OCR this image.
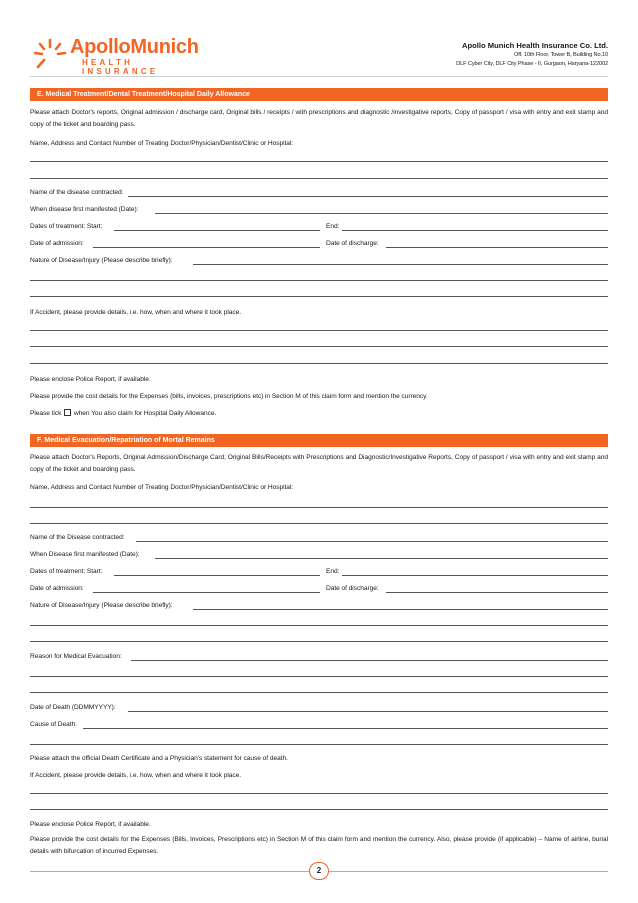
ApolloMunich
HEALTH INSURANCE
Apollo Munich Health Insurance Co. Ltd.
Off. 10th Floor, Tower B, Building No.10
DLF Cyber City, DLF City Phase - II, Gurgaon, Haryana-122002
E. Medical Treatment/Dental Treatment/Hospital Daily Allowance
Please attach Doctor's reports, Original admission / discharge card, Original bills / receipts / with prescriptions and diagnostic /investigative reports, Copy of passport / visa with entry and exit stamp and copy of the ticket and boarding pass.
Name, Address and Contact Number of Treating Doctor/Physician/Dentist/Clinic or Hospital:
Name of the disease contracted:
When disease first manifested (Date):
Dates of treatment: Start:	End:
Date of admission:	Date of discharge:
Nature of Disease/Injury (Please describe briefly):
If Accident, please provide details, i.e. how, when and where it took place.
Please enclose Police Report, if available.
Please provide the cost details for the Expenses (bills, invoices, prescriptions etc) in Section M of this claim form and mention the currency.
Please tick when You also claim for Hospital Daily Allowance.
F. Medical Evacuation/Repatriation of Mortal Remains
Please attach Doctor's Reports, Original Admission/Discharge Card, Original Bills/Receipts with Prescriptions and Diagnostic/Investigative Reports, Copy of passport / visa with entry and exit stamp and copy of the ticket and boarding pass.
Name, Address and Contact Number of Treating Doctor/Physician/Dentist/Clinic or Hospital:
Name of the Disease contracted:
When Disease first manifested (Date):
Dates of treatment: Start:	End:
Date of admission:	Date of discharge:
Nature of Disease/Injury (Please describe briefly):
Reason for Medical Evacuation:
Date of Death (DDMMYYYY):
Cause of Death:
Please attach the official Death Certificate and a Physician's statement for cause of death.
If Accident, please provide details, i.e. how, when and where it took place.
Please enclose Police Report, if available.
Please provide the cost details for the Expenses (Bills, Invoices, Prescriptions etc) in Section M of this claim form and mention the currency. Also, please provide (if applicable) – Name of airline, burial details with bifurcation of incurred Expenses.
2
